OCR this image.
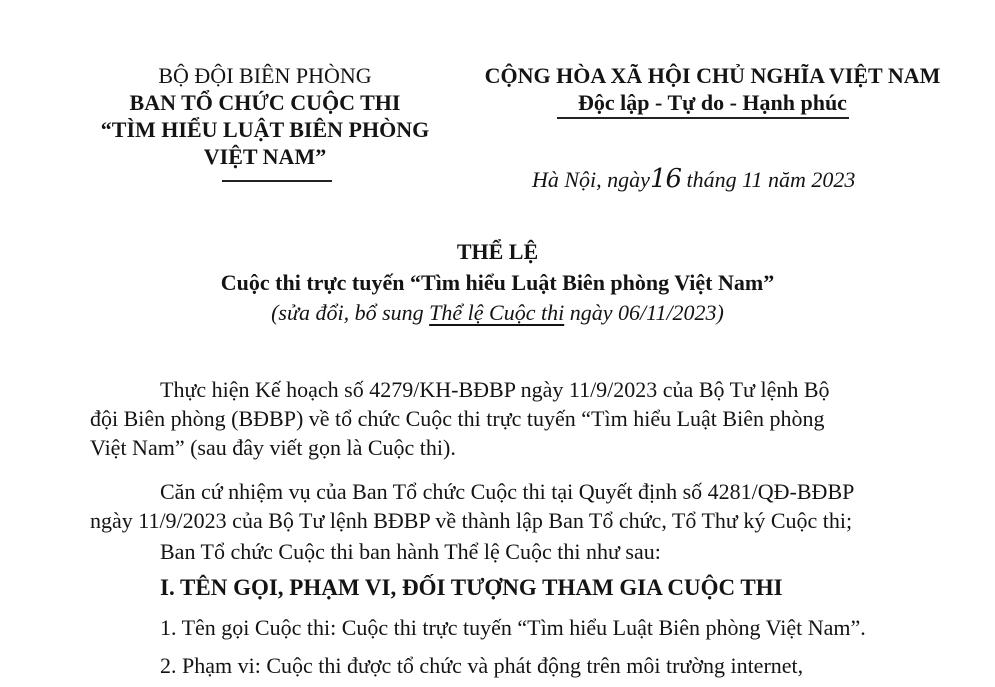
BỘ ĐỘI BIÊN PHÒNG
BAN TỔ CHỨC CUỘC THI
“TÌM HIỂU LUẬT BIÊN PHÒNG
VIỆT NAM”
CỘNG HÒA XÃ HỘI CHỦ NGHĨA VIỆT NAM
Độc lập - Tự do - Hạnh phúc
Hà Nội, ngày16 tháng 11 năm 2023
THỂ LỆ
Cuộc thi trực tuyến “Tìm hiểu Luật Biên phòng Việt Nam”
(sửa đổi, bổ sung Thể lệ Cuộc thi ngày 06/11/2023)
Thực hiện Kế hoạch số 4279/KH-BĐBP ngày 11/9/2023 của Bộ Tư lệnh Bộ
đội Biên phòng (BĐBP) về tổ chức Cuộc thi trực tuyến “Tìm hiểu Luật Biên phòng
Việt Nam” (sau đây viết gọn là Cuộc thi).
Căn cứ nhiệm vụ của Ban Tổ chức Cuộc thi tại Quyết định số 4281/QĐ-BĐBP
ngày 11/9/2023 của Bộ Tư lệnh BĐBP về thành lập Ban Tổ chức, Tổ Thư ký Cuộc thi;
Ban Tổ chức Cuộc thi ban hành Thể lệ Cuộc thi như sau:
I. TÊN GỌI, PHẠM VI, ĐỐI TƯỢNG THAM GIA CUỘC THI
1. Tên gọi Cuộc thi: Cuộc thi trực tuyến “Tìm hiểu Luật Biên phòng Việt Nam”.
2. Phạm vi: Cuộc thi được tổ chức và phát động trên môi trường internet,
